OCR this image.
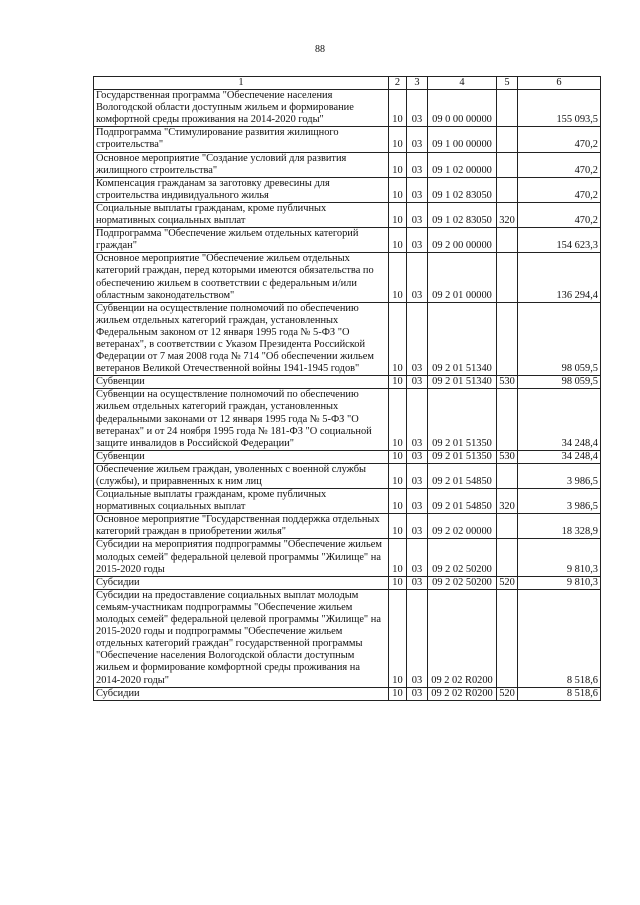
88
1	2	3	4	5	6
Государственная программа "Обеспечение населения Вологодской области доступным жильем и формирование комфортной среды проживания на 2014-2020 годы"	10	03	09 0 00 00000		155 093,5
Подпрограмма "Стимулирование развития жилищного строительства"	10	03	09 1 00 00000		470,2
Основное мероприятие "Создание условий для развития жилищного строительства"	10	03	09 1 02 00000		470,2
Компенсация гражданам за заготовку древесины для строительства индивидуального жилья	10	03	09 1 02 83050		470,2
Социальные выплаты гражданам, кроме публичных нормативных социальных выплат	10	03	09 1 02 83050	320	470,2
Подпрограмма "Обеспечение жильем отдельных категорий граждан"	10	03	09 2 00 00000		154 623,3
Основное мероприятие "Обеспечение жильем отдельных категорий граждан, перед которыми имеются обязательства по обеспечению жильем в соответствии с федеральным и/или областным законодательством"	10	03	09 2 01 00000		136 294,4
Субвенции на осуществление полномочий по обеспечению жильем отдельных категорий граждан, установленных Федеральным законом от 12 января 1995 года № 5-ФЗ "О ветеранах", в соответствии с Указом Президента Российской Федерации от 7 мая 2008 года № 714 "Об обеспечении жильем ветеранов Великой Отечественной войны 1941-1945 годов"	10	03	09 2 01 51340		98 059,5
Субвенции	10	03	09 2 01 51340	530	98 059,5
Субвенции на осуществление полномочий по обеспечению жильем отдельных категорий граждан, установленных федеральными законами от 12 января 1995 года № 5-ФЗ "О ветеранах" и от 24 ноября 1995 года № 181-ФЗ "О социальной защите инвалидов в Российской Федерации"	10	03	09 2 01 51350		34 248,4
Субвенции	10	03	09 2 01 51350	530	34 248,4
Обеспечение жильем граждан, уволенных с военной службы (службы), и приравненных к ним лиц	10	03	09 2 01 54850		3 986,5
Социальные выплаты гражданам, кроме публичных нормативных социальных выплат	10	03	09 2 01 54850	320	3 986,5
Основное мероприятие "Государственная поддержка отдельных категорий граждан в приобретении жилья"	10	03	09 2 02 00000		18 328,9
Субсидии на мероприятия подпрограммы "Обеспечение жильем молодых семей" федеральной целевой программы "Жилище" на 2015-2020 годы	10	03	09 2 02 50200		9 810,3
Субсидии	10	03	09 2 02 50200	520	9 810,3
Субсидии на предоставление социальных выплат молодым семьям-участникам подпрограммы "Обеспечение жильем молодых семей" федеральной целевой программы "Жилище" на 2015-2020 годы и подпрограммы "Обеспечение жильем отдельных категорий граждан" государственной программы "Обеспечение населения Вологодской области доступным жильем и формирование комфортной среды проживания на 2014-2020 годы"	10	03	09 2 02 R0200		8 518,6
Субсидии	10	03	09 2 02 R0200	520	8 518,6
